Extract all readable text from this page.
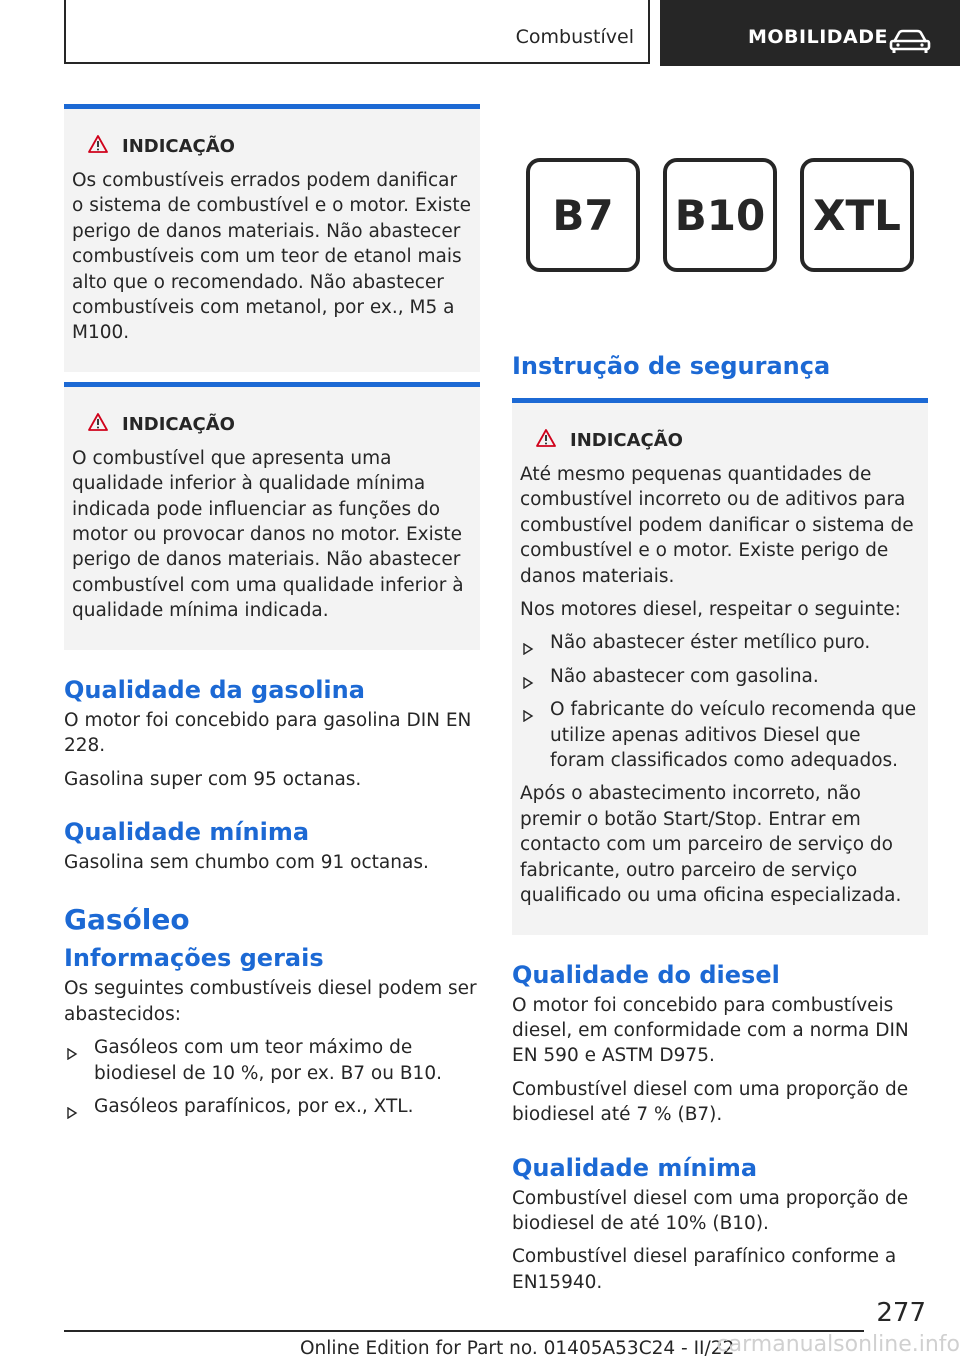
Combustível	MOBILIDADE
INDICAÇÃO

Os combustíveis errados podem danificar o sistema de combustível e o motor. Existe perigo de danos materiais. Não abastecer combustíveis com um teor de etanol mais alto que o recomendado. Não abastecer combustíveis com metanol, por ex., M5 a M100.

INDICAÇÃO

O combustível que apresenta uma qualidade inferior à qualidade mínima indicada pode influenciar as funções do motor ou provocar danos no motor. Existe perigo de danos materiais. Não abastecer combustível com uma qualidade inferior à qualidade mínima indicada.

Qualidade da gasolina

O motor foi concebido para gasolina DIN EN 228.

Gasolina super com 95 octanas.

Qualidade mínima

Gasolina sem chumbo com 91 octanas.

Gasóleo
Informações gerais

Os seguintes combustíveis diesel podem ser abastecidos:

Gasóleos com um teor máximo de biodiesel de 10 %, por ex. B7 ou B10.
Gasóleos parafínicos, por ex., XTL.
B7	B10	XTL
Instrução de segurança
INDICAÇÃO

Até mesmo pequenas quantidades de combustível incorreto ou de aditivos para combustível podem danificar o sistema de combustível e o motor. Existe perigo de danos materiais.

Nos motores diesel, respeitar o seguinte:

Não abastecer éster metílico puro.
Não abastecer com gasolina.
O fabricante do veículo recomenda que utilize apenas aditivos Diesel que foram classificados como adequados.

Após o abastecimento incorreto, não premir o botão Start/Stop. Entrar em contacto com um parceiro de serviço do fabricante, outro parceiro de serviço qualificado ou uma oficina especializada.

Qualidade do diesel

O motor foi concebido para combustíveis diesel, em conformidade com a norma DIN EN 590 e ASTM D975.

Combustível diesel com uma proporção de biodiesel até 7 % (B7).

Qualidade mínima

Combustível diesel com uma proporção de biodiesel de até 10% (B10).

Combustível diesel parafínico conforme a EN15940.

277
Online Edition for Part no. 01405A53C24 - II/22
carmanualsonline.info
